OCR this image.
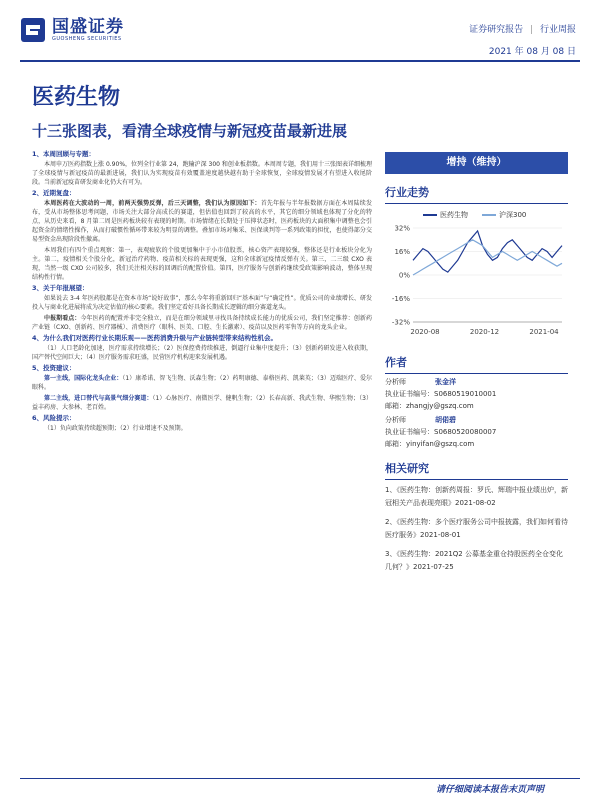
国盛证券
GUOSHENG SECURITIES
证券研究报告 | 行业周报
2021 年 08 月 08 日
医药生物
十三张图表，看清全球疫情与新冠疫苗最新进展
1、本周回顾与专题：
本周申万医药指数上涨 0.90%，位列全行业第 24，跑输沪深 300 和创业板指数。本周周专题，我们用十三张图表详细梳理了全球疫情与新冠疫苗的最新进展，我们认为实现疫苗有效覆盖速度越快越有助于全球恢复，全球疫情发展才有望进入收尾阶段。当前新冠疫苗研发商业化仍大有可为。
2、近期复盘：
本周医药在大波动的一周，前两天强势反弹，后三天调整，我们认为原因如下：首先年报与半年报数据方面在本周陆续发布，受从市场整体思考问题，市场关注大部分高成长的赛道，但估值也回到了较高的水平，其它的细分领域也体现了分化的特点，从历史来看，8 月第二周是医药板块较有表现的时期。市场情绪在长期处于压抑状态时，医药板块的大面积集中调整也会引起资金的情绪性操作，从而打破惯性循环带来较为明显的调整。叠加市场对集采、医保谈判等一系列政策的担忧，也使得部分交易型资金出现阶段性撤离。
本周我们有四个重点观察：第一，表观疲软的个股更加集中于小市值股票，核心资产表现较强，整体还是行业板块分化为主。第二，疫情相关个股分化，新冠治疗药物、疫苗相关标的表现更强，这和全球新冠疫情反弹有关。第三，二三级 CXO 表现，当然一级 CXO 公司较多，我们关注相关标的回调后的配置价值。第四，医疗服务与创新药继续受政策影响波动，整体呈现结构性行情。
3、关于年报展望：
如果说去 3-4 年医药股都是在资本市场“说好故事”，那么今年将重新回归“基本面”与“确定性”。优质公司的业绩增长、研发投入与商业化进展将成为决定估值的核心要素。我们坚定看好具备长期成长逻辑的细分赛道龙头。
中报期看点：今年医药的配置并非完全独立，而是在细分领域里寻找具备持续成长能力的优质公司，我们坚定推荐：创新药产业链（CXO、创新药、医疗器械）、消费医疗（眼科、医美、口腔、生长激素）、疫苗以及医药零售等方向的龙头企业。
4、为什么我们对医药行业长期乐观——医药消费升级与产业链转型带来结构性机会。
（1）人口老龄化加速，医疗需求持续增长；（2）医保控费持续推进，倒逼行业集中度提升；（3）创新药研发进入收获期，国产替代空间巨大；（4）医疗服务需求旺盛，民营医疗机构迎来发展机遇。
5、投资建议：
第一主线，国际化龙头企业：（1）康希诺、智飞生物、沃森生物；（2）药明康德、泰格医药、凯莱英；（3）迈瑞医疗、爱尔眼科。
第二主线，进口替代与高景气细分赛道：（1）心脉医疗、南微医学、健帆生物；（2）长春高新、我武生物、华熙生物；（3）益丰药房、大参林、老百姓。
6、风险提示：
（1）负向政策持续超预期；（2）行业增速不及预期。
增持（维持）
行业走势
医药生物	沪深300
-32%
-16%
0%
16%
32%
2020-08	2020-12	2021-04
作者
分析师	张金洋
执业证书编号：S0680519010001
邮箱：zhangjy@gszq.com
分析师	胡偌碧
执业证书编号：S0680520080007
邮箱：yinyifan@gszq.com
相关研究
1、《医药生物：创新药周报：罗氏、辉瑞中报业绩出炉，新冠相关产品表现亮眼》2021-08-02
2、《医药生物：多个医疗服务公司中报披露，我们如何看待医疗服务》2021-08-01
3、《医药生物：2021Q2 公募基金重仓持股医药全仓变化几何？》2021-07-25
请仔细阅读本报告末页声明
